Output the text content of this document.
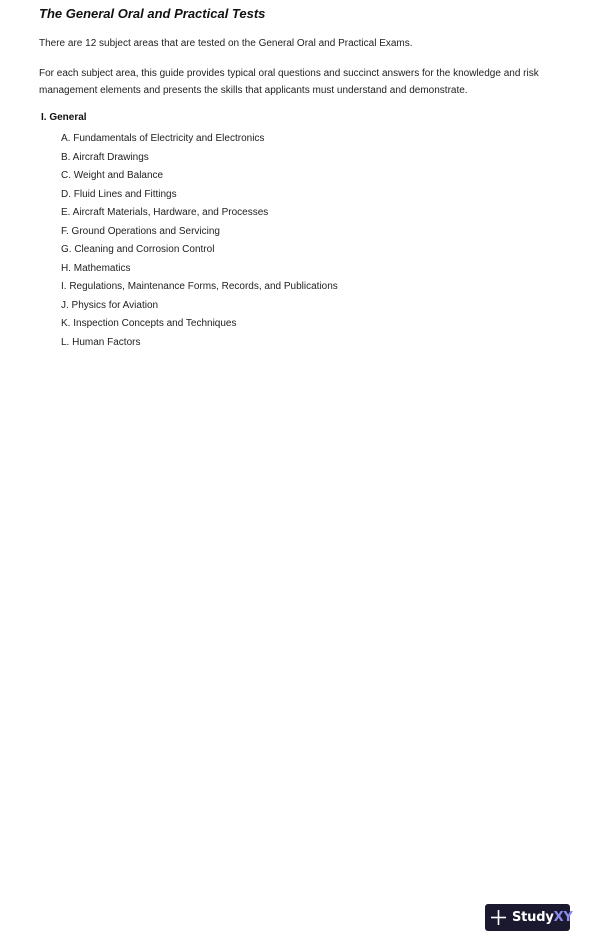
The General Oral and Practical Tests

There are 12 subject areas that are tested on the General Oral and Practical Exams.

For each subject area, this guide provides typical oral questions and succinct answers for the knowledge and risk management elements and presents the skills that applicants must understand and demonstrate.

I. General
A. Fundamentals of Electricity and Electronics
B. Aircraft Drawings
C. Weight and Balance
D. Fluid Lines and Fittings
E. Aircraft Materials, Hardware, and Processes
F. Ground Operations and Servicing
G. Cleaning and Corrosion Control
H. Mathematics
I. Regulations, Maintenance Forms, Records, and Publications
J. Physics for Aviation
K. Inspection Concepts and Techniques
L. Human Factors
StudyXY
